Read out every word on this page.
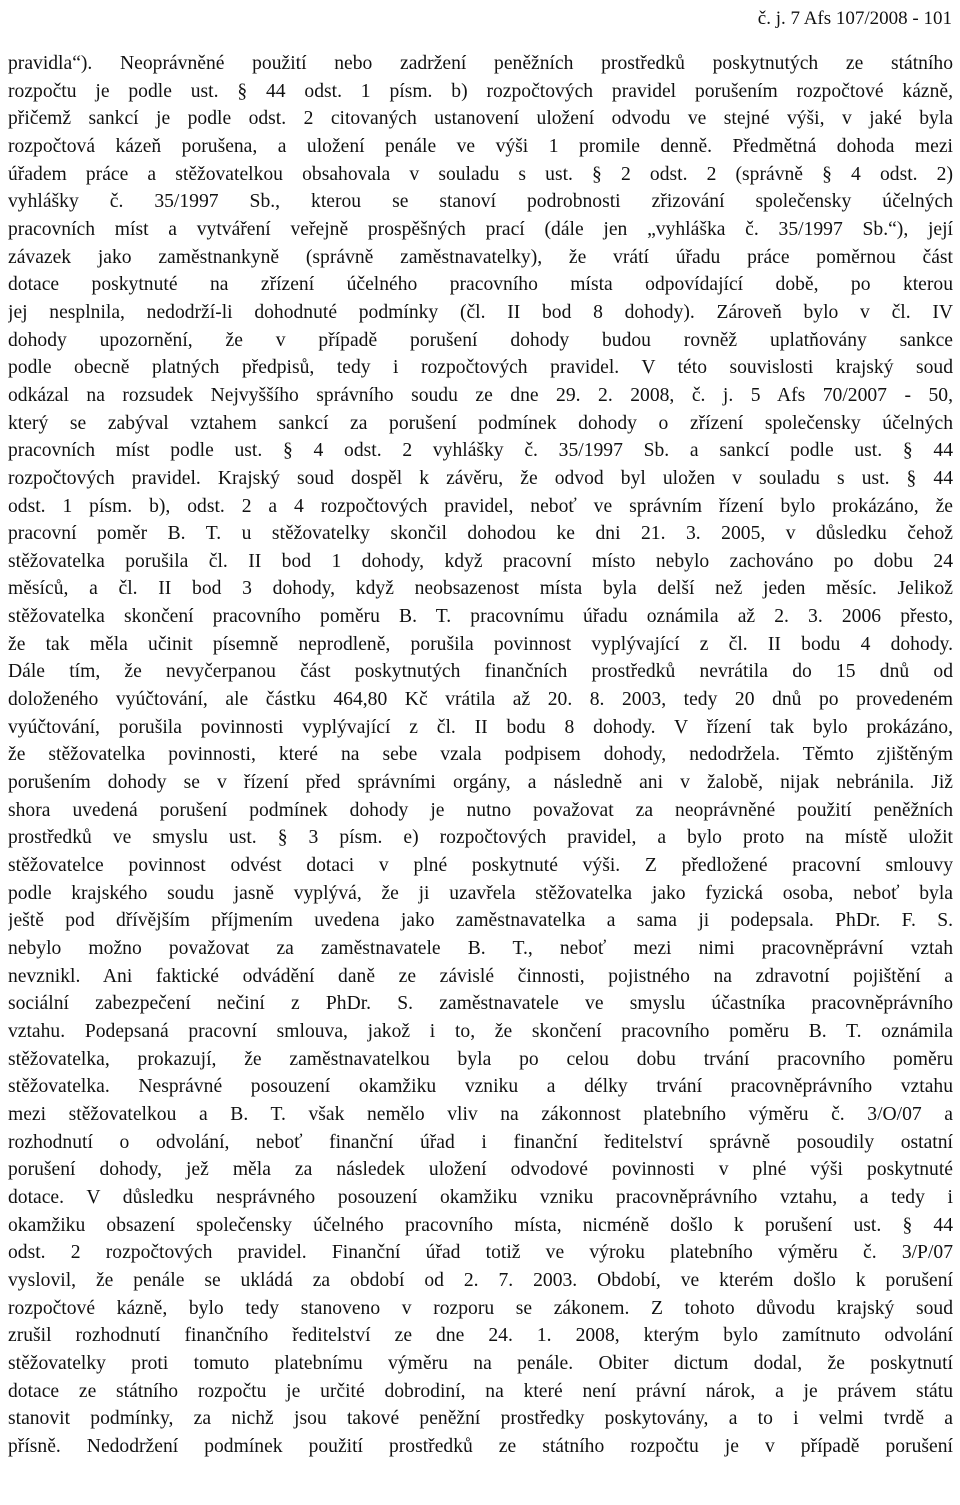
č. j. 7 Afs 107/2008 - 101
pravidla“). Neoprávněné použití nebo zadržení peněžních prostředků poskytnutých ze státního
rozpočtu je podle ust. § 44 odst. 1 písm. b) rozpočtových pravidel porušením rozpočtové kázně,
přičemž sankcí je podle odst. 2 citovaných ustanovení uložení odvodu ve stejné výši, v jaké byla
rozpočtová kázeň porušena, a uložení penále ve výši 1 promile denně. Předmětná dohoda mezi
úřadem práce a stěžovatelkou obsahovala v souladu s ust. § 2 odst. 2 (správně § 4 odst. 2)
vyhlášky č. 35/1997 Sb., kterou se stanoví podrobnosti zřizování společensky účelných
pracovních míst a vytváření veřejně prospěšných prací (dále jen „vyhláška č. 35/1997 Sb.“), její
závazek jako zaměstnankyně (správně zaměstnavatelky), že vrátí úřadu práce poměrnou část
dotace poskytnuté na zřízení účelného pracovního místa odpovídající době, po kterou
jej nesplnila, nedodrží-li dohodnuté podmínky (čl. II bod 8 dohody). Zároveň bylo v čl. IV
dohody upozornění, že v případě porušení dohody budou rovněž uplatňovány sankce
podle obecně platných předpisů, tedy i rozpočtových pravidel. V této souvislosti krajský soud
odkázal na rozsudek Nejvyššího správního soudu ze dne 29. 2. 2008, č. j. 5 Afs 70/2007 - 50,
který se zabýval vztahem sankcí za porušení podmínek dohody o zřízení společensky účelných
pracovních míst podle ust. § 4 odst. 2 vyhlášky č. 35/1997 Sb. a sankcí podle ust. § 44
rozpočtových pravidel. Krajský soud dospěl k závěru, že odvod byl uložen v souladu s ust. § 44
odst. 1 písm. b), odst. 2 a 4 rozpočtových pravidel, neboť ve správním řízení bylo prokázáno, že
pracovní poměr B. T. u stěžovatelky skončil dohodou ke dni 21. 3. 2005, v důsledku čehož
stěžovatelka porušila čl. II bod 1 dohody, když pracovní místo nebylo zachováno po dobu 24
měsíců, a čl. II bod 3 dohody, když neobsazenost místa byla delší než jeden měsíc. Jelikož
stěžovatelka skončení pracovního poměru B. T. pracovnímu úřadu oznámila až 2. 3. 2006 přesto,
že tak měla učinit písemně neprodleně, porušila povinnost vyplývající z čl. II bodu 4 dohody.
Dále tím, že nevyčerpanou část poskytnutých finančních prostředků nevrátila do 15 dnů od
doloženého vyúčtování, ale částku 464,80 Kč vrátila až 20. 8. 2003, tedy 20 dnů po provedeném
vyúčtování, porušila povinnosti vyplývající z čl. II bodu 8 dohody. V řízení tak bylo prokázáno,
že stěžovatelka povinnosti, které na sebe vzala podpisem dohody, nedodržela. Těmto zjištěným
porušením dohody se v řízení před správními orgány, a následně ani v žalobě, nijak nebránila. Již
shora uvedená porušení podmínek dohody je nutno považovat za neoprávněné použití peněžních
prostředků ve smyslu ust. § 3 písm. e) rozpočtových pravidel, a bylo proto na místě uložit
stěžovatelce povinnost odvést dotaci v plné poskytnuté výši. Z předložené pracovní smlouvy
podle krajského soudu jasně vyplývá, že ji uzavřela stěžovatelka jako fyzická osoba, neboť byla
ještě pod dřívějším příjmením uvedena jako zaměstnavatelka a sama ji podepsala. PhDr. F. S.
nebylo možno považovat za zaměstnavatele B. T., neboť mezi nimi pracovněprávní vztah
nevznikl. Ani faktické odvádění daně ze závislé činnosti, pojistného na zdravotní pojištění a
sociální zabezpečení nečiní z PhDr. S. zaměstnavatele ve smyslu účastníka pracovněprávního
vztahu. Podepsaná pracovní smlouva, jakož i to, že skončení pracovního poměru B. T. oznámila
stěžovatelka, prokazují, že zaměstnavatelkou byla po celou dobu trvání pracovního poměru
stěžovatelka. Nesprávné posouzení okamžiku vzniku a délky trvání pracovněprávního vztahu
mezi stěžovatelkou a B. T. však nemělo vliv na zákonnost platebního výměru č. 3/O/07 a
rozhodnutí o odvolání, neboť finanční úřad i finanční ředitelství správně posoudily ostatní
porušení dohody, jež měla za následek uložení odvodové povinnosti v plné výši poskytnuté
dotace. V důsledku nesprávného posouzení okamžiku vzniku pracovněprávního vztahu, a tedy i
okamžiku obsazení společensky účelného pracovního místa, nicméně došlo k porušení ust. § 44
odst. 2 rozpočtových pravidel. Finanční úřad totiž ve výroku platebního výměru č. 3/P/07
vyslovil, že penále se ukládá za období od 2. 7. 2003. Období, ve kterém došlo k porušení
rozpočtové kázně, bylo tedy stanoveno v rozporu se zákonem. Z tohoto důvodu krajský soud
zrušil rozhodnutí finančního ředitelství ze dne 24. 1. 2008, kterým bylo zamítnuto odvolání
stěžovatelky proti tomuto platebnímu výměru na penále. Obiter dictum dodal, že poskytnutí
dotace ze státního rozpočtu je určité dobrodiní, na které není právní nárok, a je právem státu
stanovit podmínky, za nichž jsou takové peněžní prostředky poskytovány, a to i velmi tvrdě a
přísně. Nedodržení podmínek použití prostředků ze státního rozpočtu je v případě porušení
